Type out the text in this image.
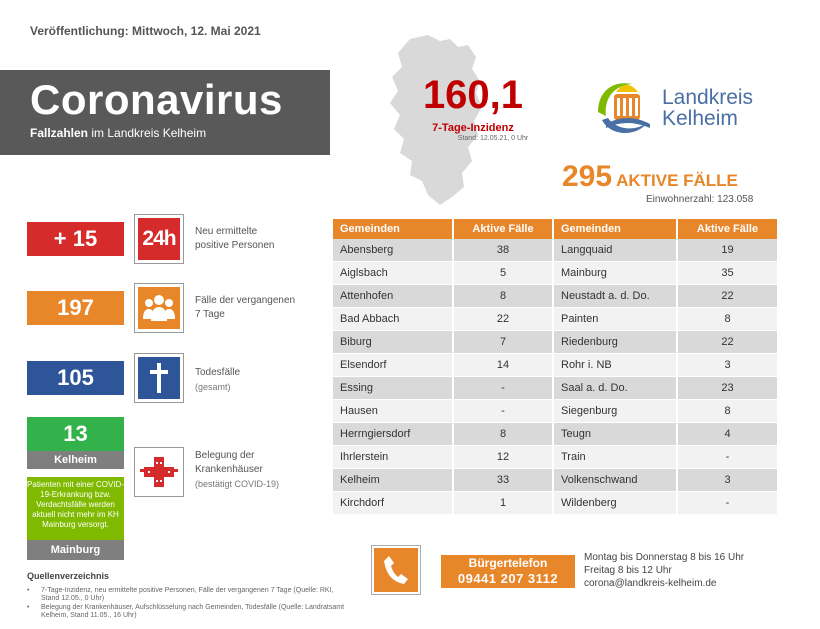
Veröffentlichung: Mittwoch, 12. Mai 2021
Coronavirus
Fallzahlen im Landkreis Kelheim
160,1
7-Tage-Inzidenz
Stand: 12.05.21, 0 Uhr
Landkreis
Kelheim
295 AKTIVE FÄLLE
Einwohnerzahl: 123.058
+ 15	24h	Neu ermittelte
positive Personen
197	Fälle der vergangenen
7 Tage
105	Todesfälle
(gesamt)
13
Kelheim
Patienten mit einer COVID-19-Erkrankung bzw. Verdachtsfälle werden aktuell nicht mehr im KH Mainburg versorgt.
Mainburg
Belegung der
Krankenhäuser
(bestätigt COVID-19)
Quellenverzeichnis
• 7-Tage-Inzidenz, neu ermittelte positive Personen, Fälle der vergangenen 7 Tage (Quelle: RKI, Stand 12.05., 0 Uhr)
• Belegung der Krankenhäuser, Aufschlüsselung nach Gemeinden, Todesfälle (Quelle: Landratsamt Kelheim, Stand 11.05., 16 Uhr)
Gemeinden	Aktive Fälle	Gemeinden	Aktive Fälle
Abensberg	38	Langquaid	19
Aiglsbach	5	Mainburg	35
Attenhofen	8	Neustadt a. d. Do.	22
Bad Abbach	22	Painten	8
Biburg	7	Riedenburg	22
Elsendorf	14	Rohr i. NB	3
Essing	-	Saal a. d. Do.	23
Hausen	-	Siegenburg	8
Herrngiersdorf	8	Teugn	4
Ihrlerstein	12	Train	-
Kelheim	33	Volkenschwand	3
Kirchdorf	1	Wildenberg	-
Bürgertelefon
09441 207 3112
Montag bis Donnerstag 8 bis 16 Uhr
Freitag 8 bis 12 Uhr
corona@landkreis-kelheim.de
